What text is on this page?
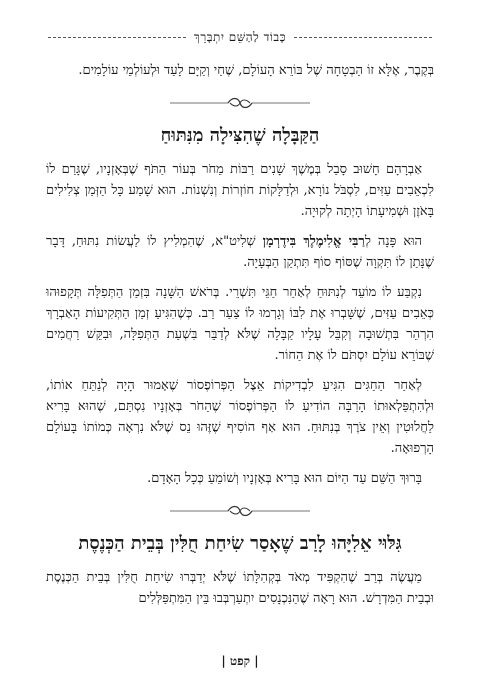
כָּבוֹד לַהַשֵּׁם יִתְבָּרֵךְ

בְּקֶבֶר, אֶלָּא זוֹ הַבְטָחָה שֶׁל בּוֹרֵא הָעוֹלָם, שֶׁחַי וְקַיָּם לָעַד וּלְעוֹלְמֵי עוֹלָמִים.

הַקַּבָּלָה שֶׁהִצִּילָה מִנִּתּוּחַ

אַבְרָהָם חָשׁוּב סָבַל בְּמֶשֶׁךְ שָׁנִים רַבּוֹת מֵחֹר בְּעוֹר הַתֹּף שֶׁבְּאָזְנָיו, שֶׁגָּרַם לוֹ לִכְאֵבִים עַזִּים, לִסְבֹּל נוֹרָא, וּלְדַלָּקוֹת חוֹזְרוֹת וְנִשְׁנוֹת. הוּא שָׁמַע כָּל הַזְּמַן צְלִילִים בָּאֹזֶן וּשְׁמִיעָתוֹ הָיְתָה לְקוּיָה.

הוּא פָּנָה לְרַבִּי אֱלִימֶלֶךְ בִּידֶרְמָן שְׁלִיט"א, שֶׁהִמְלִיץ לוֹ לַעֲשׂוֹת נִתּוּחַ, דָּבָר שֶׁנָּתַן לוֹ תִּקְוָה שֶׁסּוֹף סוֹף תִּתְקַן הַבְּעָיָה.

נִקְבַּע לוֹ מוֹעֵד לְנִתּוּחַ לְאַחַר חַגֵּי תִּשְׁרֵי. בְּרֹאשׁ הַשָּׁנָה בִּזְמַן הַתְּפִלָּה תְּקָפוּהוּ כְּאֵבִים עַזִּים, שֶׁשָּׁבְרוּ אֶת לִבּוֹ וְגָרְמוּ לוֹ צַעַר רַב. כְּשֶׁהִגִּיעַ זְמַן הַתְּקִיעוֹת הָאַבְרָךְ הִרְהֵר בִּתְשׁוּבָה וְקִבֵּל עָלָיו קַבָּלָה שֶׁלֹּא לְדַבֵּר בִּשְׁעַת הַתְּפִלָּה, וּבִקֵּשׁ רַחֲמִים שֶׁבּוֹרֵא עוֹלָם יִסְתֹּם לוֹ אֶת הַחוֹר.

לְאַחַר הַחַגִּים הִגִּיעַ לִבְדִיקוֹת אֵצֶל הַפְּרוֹפֶסוֹר שֶׁאָמוּר הָיָה לְנַתֵּחַ אוֹתוֹ, וּלְהִתְפַּלְאוּתוֹ הָרַבָּה הוֹדִיעַ לוֹ הַפְּרוֹפֶסוֹר שֶׁהַחֹר בְּאָזְנָיו נִסְתַּם, שֶׁהוּא בָּרִיא לַחֲלוּטִין וְאֵין צֹרֶךְ בְּנִתּוּחַ. הוּא אַף הוֹסִיף שֶׁזֶּהוּ נֵס שֶׁלֹּא נִרְאָה כְּמוֹתוֹ בָּעוֹלָם הָרְפוּאָה.

בָּרוּךְ הַשֵּׁם עַד הַיּוֹם הוּא בָּרִיא בְּאָזְנָיו וְשׁוֹמֵעַ כְּכָל הָאָדָם.

גִּלּוּי אֵלִיָּהוּ לָרַב שֶׁאָסַר שִׂיחַת חֻלִּין בְּבֵית הַכְּנֶסֶת

מַעֲשֶׂה בְּרַב שֶׁהִקְפִּיד מְאֹד בְּקְהִלָּתוֹ שֶׁלֹּא יְדַבְּרוּ שִׂיחַת חֻלִּין בְּבֵית הַכְּנֶסֶת וּבְבֵית הַמִּדְרָשׁ. הוּא רָאָה שֶׁהַנִּכְנָסִים יִתְעַרְבְּבוּ בֵּין הַמִּתְפַּלְּלִים

| קפט |
